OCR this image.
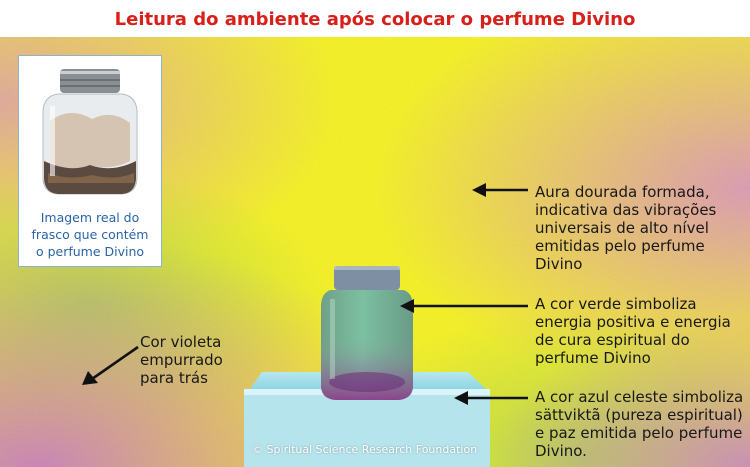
Leitura do ambiente após colocar o perfume Divino
Imagem real do
frasco que contém
o perfume Divino
Aura dourada formada,
indicativa das vibrações
universais de alto nível
emitidas pelo perfume
Divino
A cor verde simboliza
energia positiva e energia
de cura espiritual do
perfume Divino
A cor azul celeste simboliza
sättviktã (pureza espiritual)
e paz emitida pelo perfume
Divino.
Cor violeta
empurrado
para trás
© Spiritual Science Research Foundation
